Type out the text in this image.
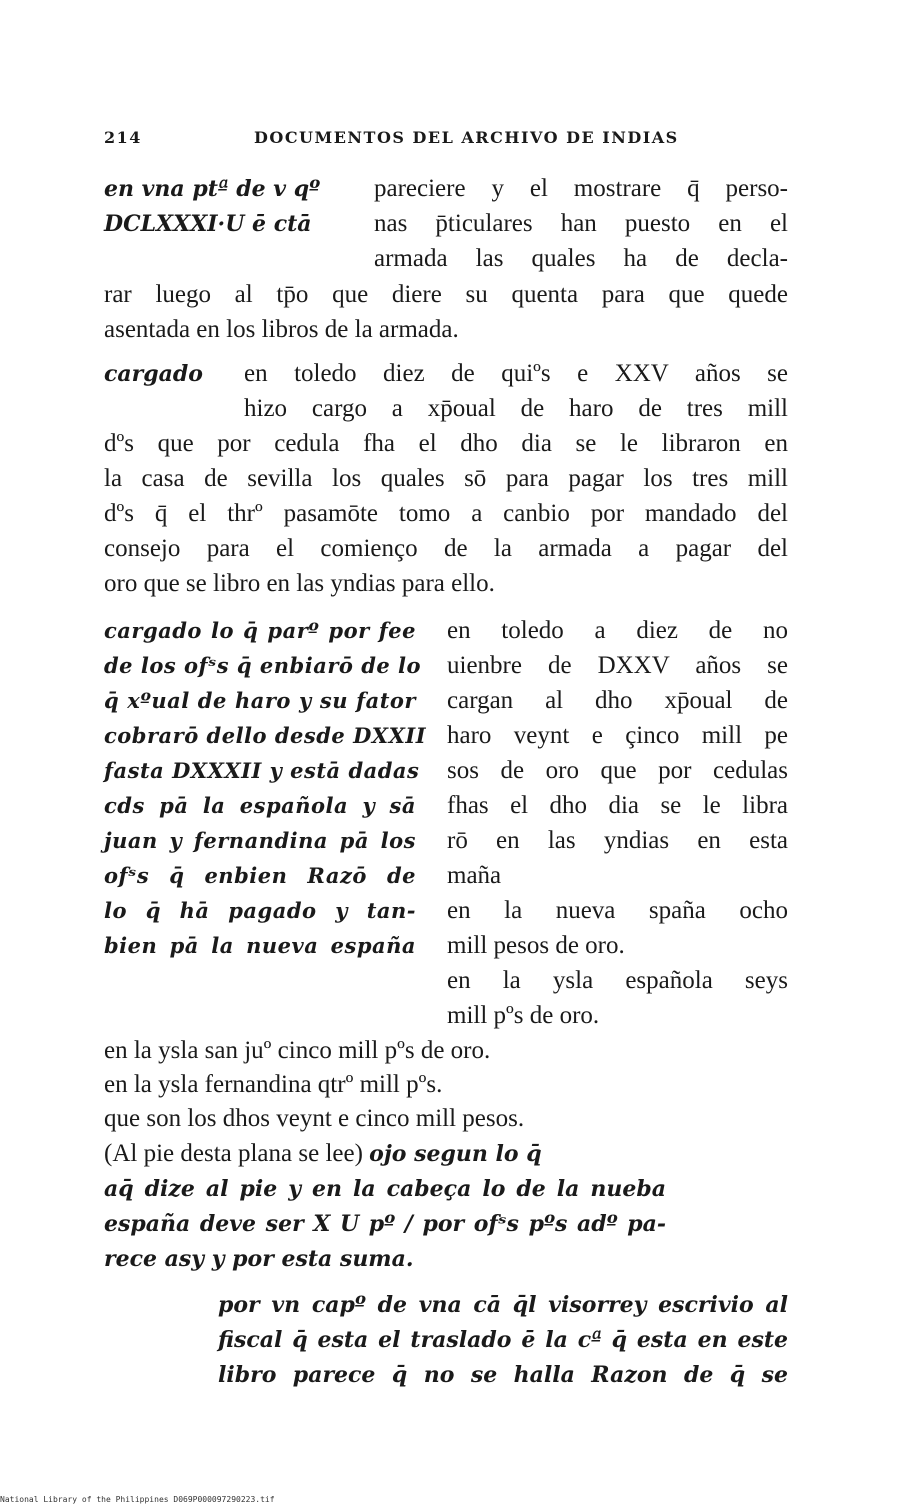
214	DOCUMENTOS DEL ARCHIVO DE INDIAS
en vna ptª de v qº
DCLXXXI·U ē ctā
pareciere y el mostrare q̄ perso-
nas p̄ticulares han puesto en el
armada las quales ha de decla-
rar luego al tp̄o que diere su quenta para que quede
asentada en los libros de la armada.
cargado en toledo diez de quiºs e XXV años se
hizo cargo a xp̄oual de haro de tres mill
dºs que por cedula fha el dho dia se le libraron en
la casa de sevilla los quales sō para pagar los tres mill
dºs q̄ el thrº pasamōte tomo a canbio por mandado del
consejo para el comienço de la armada a pagar del
oro que se libro en las yndias para ello.
cargado lo q̄ parº por fee
de los ofˢs q̄ enbiarō de lo
q̄ xºual de haro y su fator
cobrarō dello desde DXXII
fasta DXXXII y estā dadas
cds pā la española y sā
juan y fernandina pā los
ofˢs q̄ enbien Razō de
lo q̄ hā pagado y tan-
bien pā la nueva españa
en toledo a diez de no
uienbre de DXXV años se
cargan al dho xp̄oual de
haro veynt e çinco mill pe
sos de oro que por cedulas
fhas el dho dia se le libra
rō en las yndias en esta
maña
en la nueva spaña ocho
mill pesos de oro.
en la ysla española seys
mill pºs de oro.
en la ysla san juº cinco mill pºs de oro.
en la ysla fernandina qtrº mill pºs.
que son los dhos veynt e cinco mill pesos.
(Al pie desta plana se lee) ojo segun lo q̄
aq̄ dize al pie y en la cabeça lo de la nueba
españa deve ser X U pº / por ofˢs pºs adº pa-
rece asy y por esta suma.
por vn capº de vna cā q̄l visorrey escrivio al
fiscal q̄ esta el traslado ē la cª q̄ esta en este
libro parece q̄ no se halla Razon de q̄ se
National Library of the Philippines D069P000097290223.tif
